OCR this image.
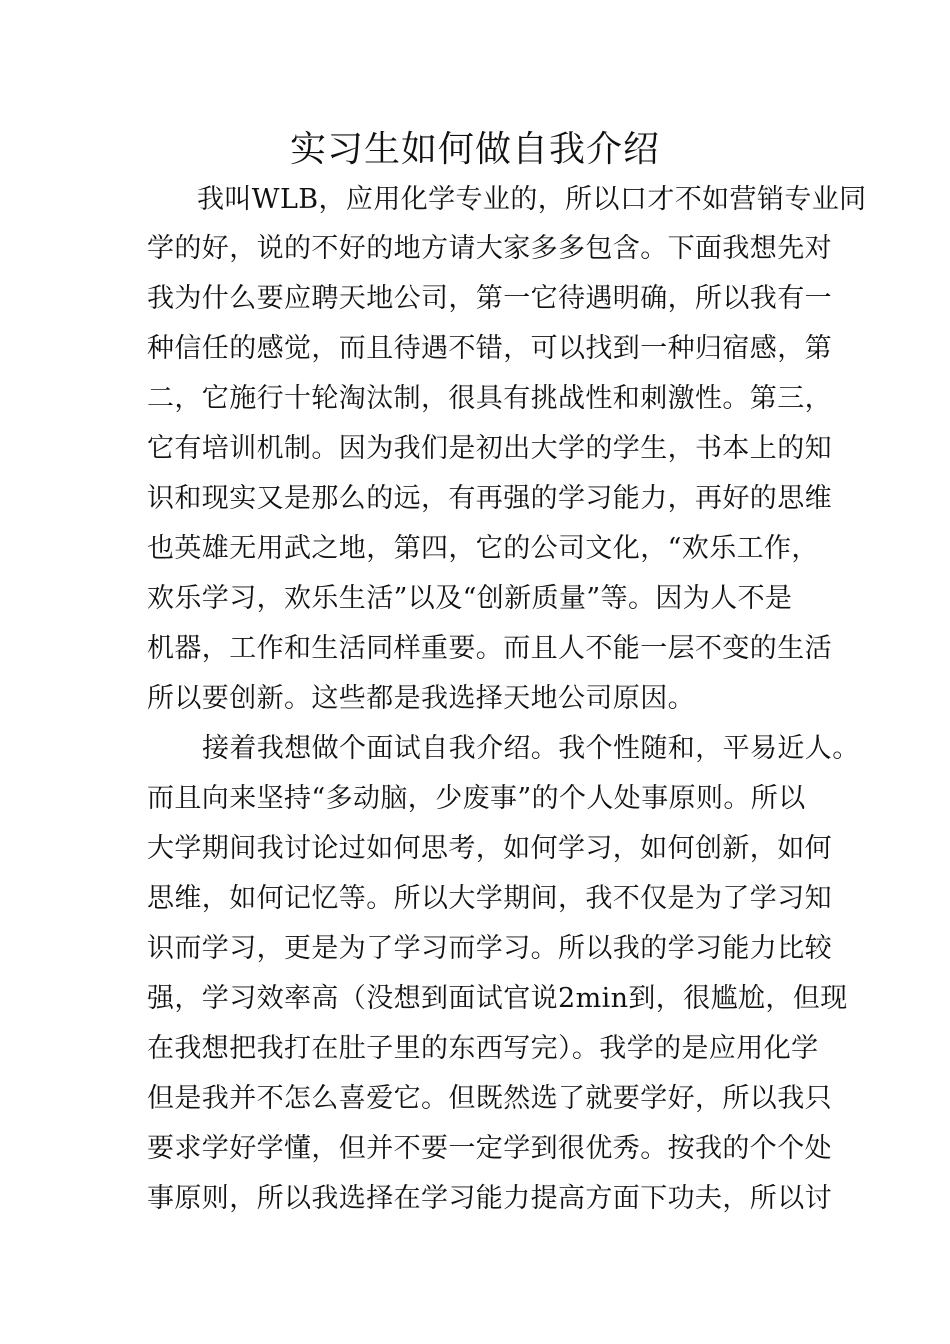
实习生如何做自我介绍
我叫WLB，应用化学专业的，所以口才不如营销专业同
学的好，说的不好的地方请大家多多包含。下面我想先对
我为什么要应聘天地公司，第一它待遇明确，所以我有一
种信任的感觉，而且待遇不错，可以找到一种归宿感，第
二，它施行十轮淘汰制，很具有挑战性和刺激性。第三，
它有培训机制。因为我们是初出大学的学生，书本上的知
识和现实又是那么的远，有再强的学习能力，再好的思维
也英雄无用武之地，第四，它的公司文化，“欢乐工作，
欢乐学习，欢乐生活”以及“创新质量”等。因为人不是
机器，工作和生活同样重要。而且人不能一层不变的生活
所以要创新。这些都是我选择天地公司原因。
接着我想做个面试自我介绍。我个性随和，平易近人。
而且向来坚持“多动脑，少废事”的个人处事原则。所以
大学期间我讨论过如何思考，如何学习，如何创新，如何
思维，如何记忆等。所以大学期间，我不仅是为了学习知
识而学习，更是为了学习而学习。所以我的学习能力比较
强，学习效率高（没想到面试官说2min到，很尴尬，但现
在我想把我打在肚子里的东西写完）。我学的是应用化学
但是我并不怎么喜爱它。但既然选了就要学好，所以我只
要求学好学懂，但并不要一定学到很优秀。按我的个个处
事原则，所以我选择在学习能力提高方面下功夫，所以讨
